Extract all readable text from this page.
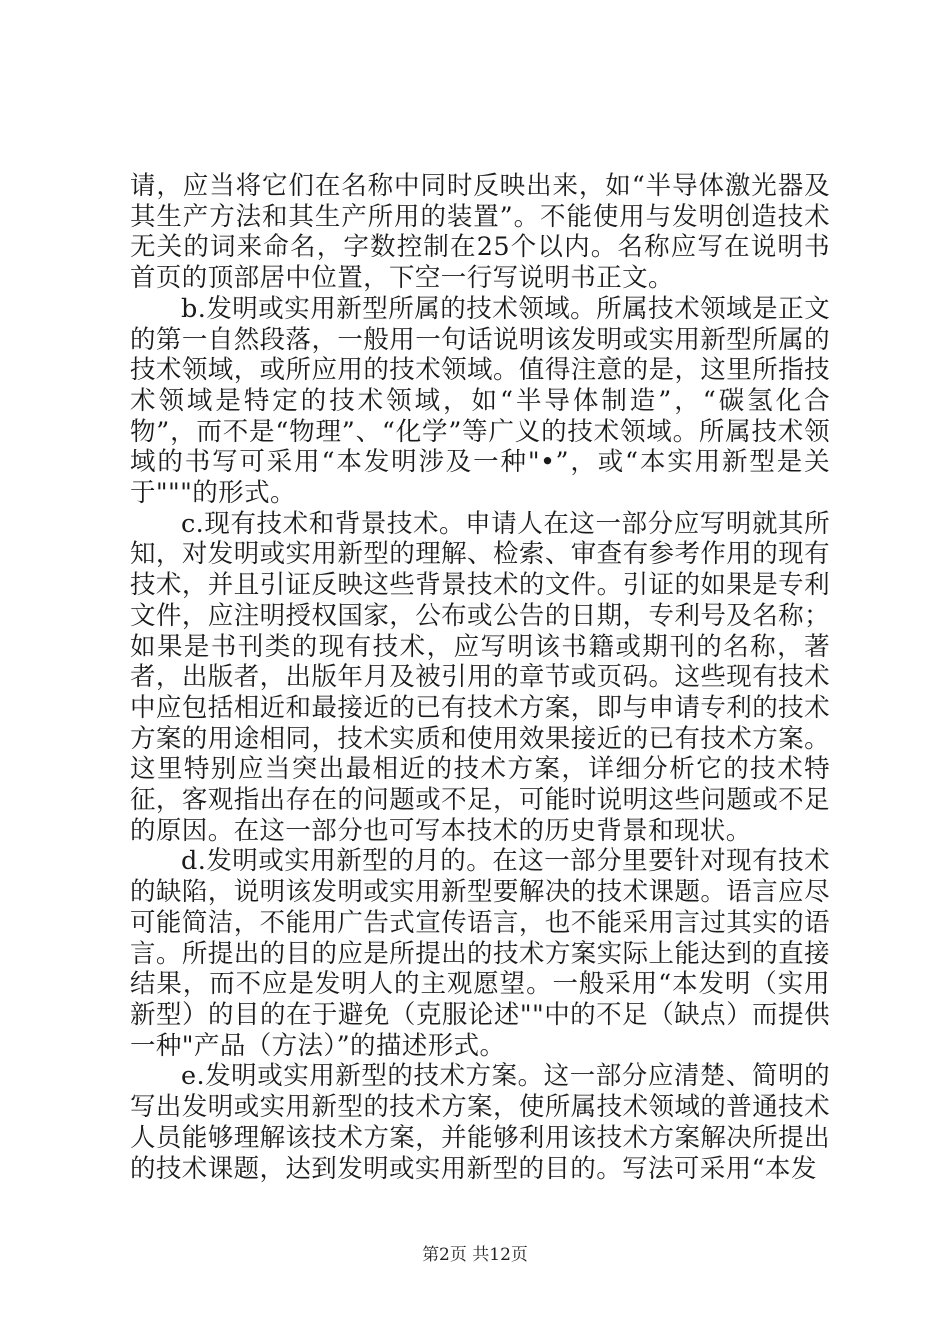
请，应当将它们在名称中同时反映出来，如“半导体激光器及其生产方法和其生产所用的装置”。不能使用与发明创造技术无关的词来命名，字数控制在25个以内。名称应写在说明书首页的顶部居中位置，下空一行写说明书正文。

b.发明或实用新型所属的技术领域。所属技术领域是正文的第一自然段落，一般用一句话说明该发明或实用新型所属的技术领域，或所应用的技术领域。值得注意的是，这里所指技术领域是特定的技术领域，如“半导体制造”，“碳氢化合物”，而不是“物理”、“化学”等广义的技术领域。所属技术领域的书写可采用“本发明涉及一种"•”，或“本实用新型是关于"""的形式。

c.现有技术和背景技术。申请人在这一部分应写明就其所知，对发明或实用新型的理解、检索、审查有参考作用的现有技术，并且引证反映这些背景技术的文件。引证的如果是专利文件，应注明授权国家，公布或公告的日期，专利号及名称；如果是书刊类的现有技术，应写明该书籍或期刊的名称，著者，出版者，出版年月及被引用的章节或页码。这些现有技术中应包括相近和最接近的已有技术方案，即与申请专利的技术方案的用途相同，技术实质和使用效果接近的已有技术方案。这里特别应当突出最相近的技术方案，详细分析它的技术特征，客观指出存在的问题或不足，可能时说明这些问题或不足的原因。在这一部分也可写本技术的历史背景和现状。

d.发明或实用新型的月的。在这一部分里要针对现有技术的缺陷，说明该发明或实用新型要解决的技术课题。语言应尽可能简洁，不能用广告式宣传语言，也不能采用言过其实的语言。所提出的目的应是所提出的技术方案实际上能达到的直接结果，而不应是发明人的主观愿望。一般采用“本发明（实用新型）的目的在于避免（克服论述""中的不足（缺点）而提供一种"产品（方法）”的描述形式。

e.发明或实用新型的技术方案。这一部分应清楚、简明的写出发明或实用新型的技术方案，使所属技术领域的普通技术人员能够理解该技术方案，并能够利用该技术方案解决所提出的技术课题，达到发明或实用新型的目的。写法可采用“本发

第2页 共12页
